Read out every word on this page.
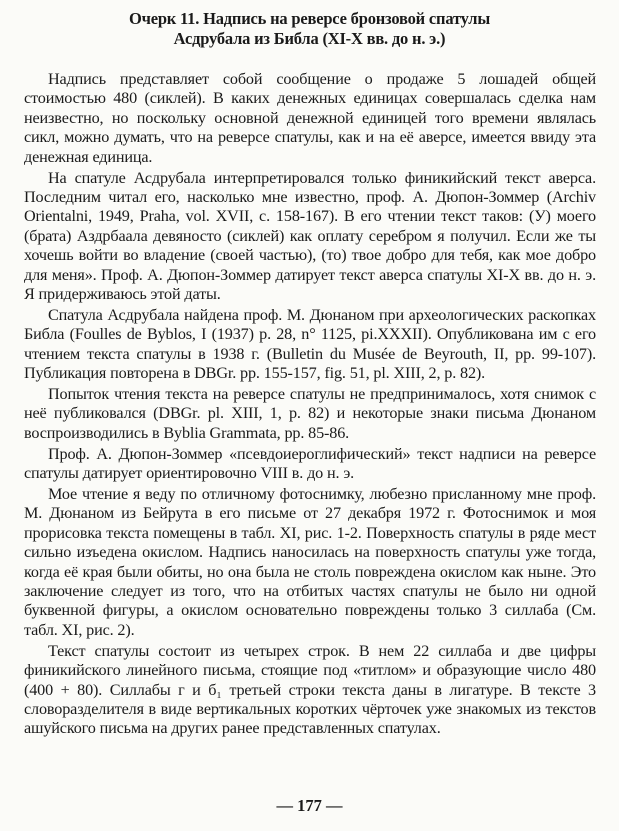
Очерк 11. Надпись на реверсе бронзовой спатулы
Асдрубала из Библа (XI-X вв. до н. э.)

Надпись представляет собой сообщение о продаже 5 лошадей общей стоимостью 480 (сиклей). В каких денежных единицах совершалась сделка нам неизвестно, но поскольку основной денежной единицей того времени являлась сикл, можно думать, что на реверсе спатулы, как и на её аверсе, имеется ввиду эта денежная единица.

На спатуле Асдрубала интерпретировался только финикийский текст аверса. Последним читал его, насколько мне известно, проф. А. Дюпон-Зоммер (Archiv Orientalni, 1949, Praha, vol. XVII, c. 158-167). В его чтении текст таков: (У) моего (брата) Аздрбаала девяносто (сиклей) как оплату серебром я получил. Если же ты хочешь войти во владение (своей частью), (то) твое добро для тебя, как мое добро для меня». Проф. А. Дюпон-Зоммер датирует текст аверса спатулы XI-X вв. до н. э. Я придерживаюсь этой даты.

Спатула Асдрубала найдена проф. М. Дюнаном при археологических раскопках Библа (Foulles de Byblos, I (1937) p. 28, n° 1125, pi.XXXII). Опубликована им с его чтением текста спатулы в 1938 г. (Bulletin du Musée de Beyrouth, II, pp. 99-107). Публикация повторена в DBGr. pp. 155-157, fig. 51, pl. XIII, 2, p. 82).

Попыток чтения текста на реверсе спатулы не предпринималось, хотя снимок с неё публиковался (DBGr. pl. XIII, 1, p. 82) и некоторые знаки письма Дюнаном воспроизводились в Byblia Grammata, pp. 85-86.

Проф. А. Дюпон-Зоммер «псевдоиероглифический» текст надписи на реверсе спатулы датирует ориентировочно VIII в. до н. э.

Мое чтение я веду по отличному фотоснимку, любезно присланному мне проф. М. Дюнаном из Бейрута в его письме от 27 декабря 1972 г. Фотоснимок и моя прорисовка текста помещены в табл. XI, рис. 1-2. Поверхность спатулы в ряде мест сильно изъедена окислом. Надпись наносилась на поверхность спатулы уже тогда, когда её края были обиты, но она была не столь повреждена окислом как ныне. Это заключение следует из того, что на отбитых частях спатулы не было ни одной буквенной фигуры, а окислом основательно повреждены только 3 силлаба (См. табл. XI, рис. 2).

Текст спатулы состоит из четырех строк. В нем 22 силлаба и две цифры финикийского линейного письма, стоящие под «титлом» и образующие число 480 (400 + 80). Силлабы г и б₁ третьей строки текста даны в лигатуре. В тексте 3 словоразделителя в виде вертикальных коротких чёрточек уже знакомых из текстов ашуйского письма на других ранее представленных спатулах.

— 177 —
